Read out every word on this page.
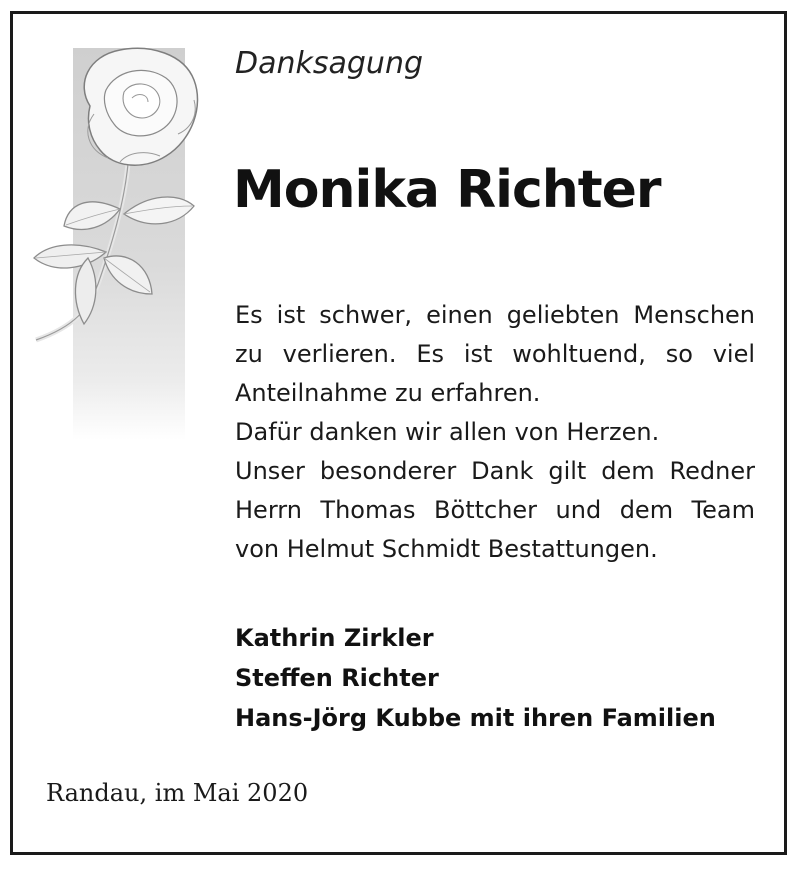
Danksagung
Monika Richter
Es ist schwer, einen geliebten Menschen
zu verlieren. Es ist wohltuend, so viel
Anteilnahme zu erfahren.
Dafür danken wir allen von Herzen.
Unser besonderer Dank gilt dem Redner
Herrn Thomas Böttcher und dem Team
von Helmut Schmidt Bestattungen.
Kathrin Zirkler
Steffen Richter
Hans-Jörg Kubbe mit ihren Familien
Randau, im Mai 2020
